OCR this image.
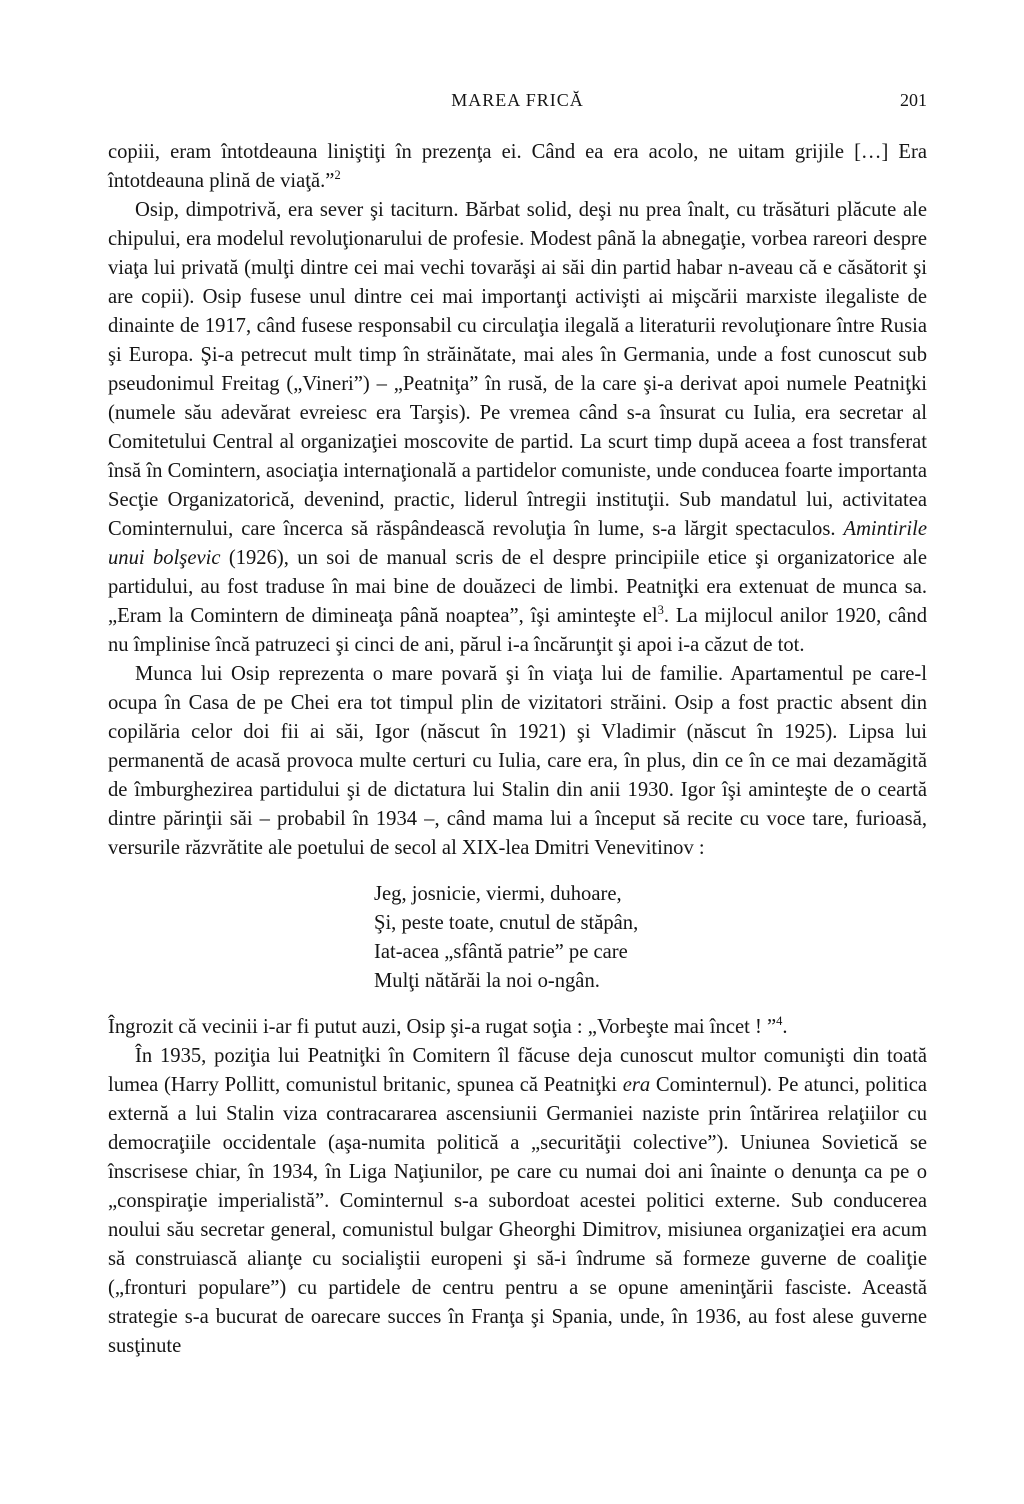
MAREA FRICĂ	201

copiii, eram întotdeauna liniştiţi în prezenţa ei. Când ea era acolo, ne uitam grijile […] Era întotdeauna plină de viaţă.”$^2$

Osip, dimpotrivă, era sever şi taciturn. Bărbat solid, deşi nu prea înalt, cu trăsături plăcute ale chipului, era modelul revoluţionarului de profesie. Modest până la abnegaţie, vorbea rareori despre viaţa lui privată (mulţi dintre cei mai vechi tovarăşi ai săi din partid habar n-aveau că e căsătorit şi are copii). Osip fusese unul dintre cei mai importanţi activişti ai mişcării marxiste ilegaliste de dinainte de 1917, când fusese responsabil cu circulaţia ilegală a literaturii revoluţionare între Rusia şi Europa. Şi-a petrecut mult timp în străinătate, mai ales în Germania, unde a fost cunoscut sub pseudonimul Freitag („Vineri”) – „Peatniţa” în rusă, de la care şi-a derivat apoi numele Peatniţki (numele său adevărat evreiesc era Tarşis). Pe vremea când s-a însurat cu Iulia, era secretar al Comitetului Central al organizaţiei moscovite de partid. La scurt timp după aceea a fost transferat însă în Comintern, asociaţia internaţională a partidelor comuniste, unde conducea foarte importanta Secţie Organizatorică, devenind, practic, liderul întregii instituţii. Sub mandatul lui, activitatea Cominternului, care încerca să răspândească revoluţia în lume, s-a lărgit spectaculos. Amintirile unui bolşevic (1926), un soi de manual scris de el despre principiile etice şi organizatorice ale partidului, au fost traduse în mai bine de douăzeci de limbi. Peatniţki era extenuat de munca sa. „Eram la Comintern de dimineaţa până noaptea”, îşi aminteşte $el^3$. La mijlocul anilor 1920, când nu împlinise încă patruzeci şi cinci de ani, părul i-a încărunţit şi apoi i-a căzut de tot.

Munca lui Osip reprezenta o mare povară şi în viaţa lui de familie. Apartamentul pe care-l ocupa în Casa de pe Chei era tot timpul plin de vizitatori străini. Osip a fost practic absent din copilăria celor doi fii ai săi, Igor (născut în 1921) şi Vladimir (născut în 1925). Lipsa lui permanentă de acasă provoca multe certuri cu Iulia, care era, în plus, din ce în ce mai dezamăgită de îmburghezirea partidului şi de dictatura lui Stalin din anii 1930. Igor îşi aminteşte de o ceartă dintre părinţii săi – probabil în 1934 –, când mama lui a început să recite cu voce tare, furioasă, versurile răzvrătite ale poetului de secol al XIX-lea Dmitri Venevitinov :

Jeg, josnicie, viermi, duhoare,
Şi, peste toate, cnutul de stăpân,
Iat-acea „sfântă patrie” pe care
Mulţi nătărăi la noi o-ngân.

Îngrozit că vecinii i-ar fi putut auzi, Osip şi-a rugat soţia : „Vorbeşte mai încet ! ”$^4$.

În 1935, poziţia lui Peatniţki în Comitern îl făcuse deja cunoscut multor comunişti din toată lumea (Harry Pollitt, comunistul britanic, spunea că Peatniţki era Cominternul). Pe atunci, politica externă a lui Stalin viza contracararea ascensiunii Germaniei naziste prin întărirea relaţiilor cu democraţiile occidentale (aşa-numita politică a „securităţii colective”). Uniunea Sovietică se înscrisese chiar, în 1934, în Liga Naţiunilor, pe care cu numai doi ani înainte o denunţa ca pe o „conspiraţie imperialistă”. Cominternul s-a subordoat acestei politici externe. Sub conducerea noului său secretar general, comunistul bulgar Gheorghi Dimitrov, misiunea organizaţiei era acum să construiască alianţe cu socialiştii europeni şi să-i îndrume să formeze guverne de coaliţie („fronturi populare”) cu partidele de centru pentru a se opune ameninţării fasciste. Această strategie s-a bucurat de oarecare succes în Franţa şi Spania, unde, în 1936, au fost alese guverne susţinute
